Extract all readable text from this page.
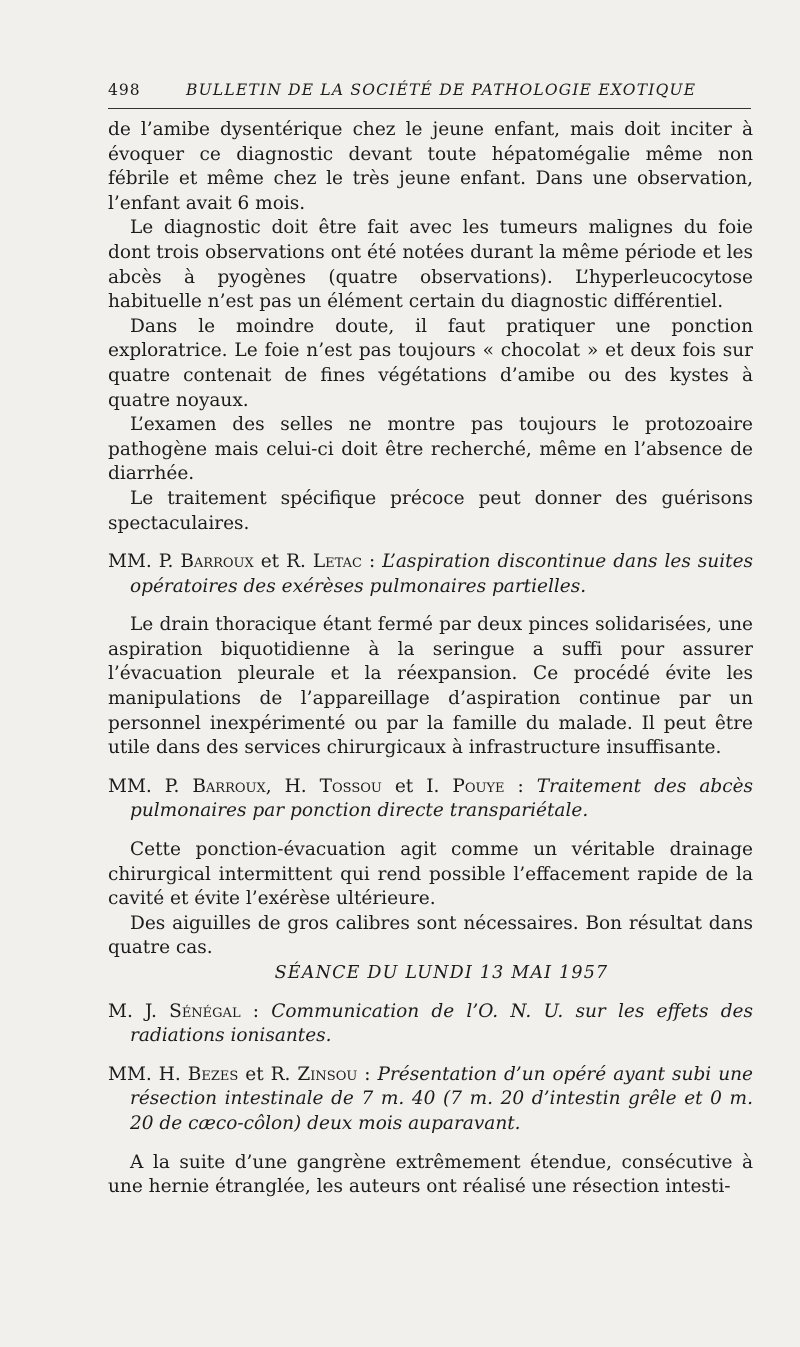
498	BULLETIN DE LA SOCIÉTÉ DE PATHOLOGIE EXOTIQUE

de l’amibe dysentérique chez le jeune enfant, mais doit inciter à évoquer ce diagnostic devant toute hépatomégalie même non fébrile et même chez le très jeune enfant. Dans une observation, l’enfant avait 6 mois.

Le diagnostic doit être fait avec les tumeurs malignes du foie dont trois observations ont été notées durant la même période et les abcès à pyogènes (quatre observations). L’hyperleucocytose habituelle n’est pas un élément certain du diagnostic différentiel.

Dans le moindre doute, il faut pratiquer une ponction exploratrice. Le foie n’est pas toujours « chocolat » et deux fois sur quatre contenait de fines végétations d’amibe ou des kystes à quatre noyaux.

L’examen des selles ne montre pas toujours le protozoaire pathogène mais celui-ci doit être recherché, même en l’absence de diarrhée.

Le traitement spécifique précoce peut donner des guérisons spectaculaires.

MM. P. Barroux et R. Letac : L’aspiration discontinue dans les suites opératoires des exérèses pulmonaires partielles.

Le drain thoracique étant fermé par deux pinces solidarisées, une aspiration biquotidienne à la seringue a suffi pour assurer l’évacuation pleurale et la réexpansion. Ce procédé évite les manipulations de l’appareillage d’aspiration continue par un personnel inexpérimenté ou par la famille du malade. Il peut être utile dans des services chirurgicaux à infrastructure insuffisante.

MM. P. Barroux, H. Tossou et I. Pouye : Traitement des abcès pulmonaires par ponction directe transpariétale.

Cette ponction-évacuation agit comme un véritable drainage chirurgical intermittent qui rend possible l’effacement rapide de la cavité et évite l’exérèse ultérieure.

Des aiguilles de gros calibres sont nécessaires. Bon résultat dans quatre cas.

SÉANCE DU LUNDI 13 MAI 1957

M. J. Sénégal : Communication de l’O. N. U. sur les effets des radiations ionisantes.

MM. H. Bezes et R. Zinsou : Présentation d’un opéré ayant subi une résection intestinale de 7 m. 40 (7 m. 20 d’intestin grêle et 0 m. 20 de cæco-côlon) deux mois auparavant.

A la suite d’une gangrène extrêmement étendue, consécutive à une hernie étranglée, les auteurs ont réalisé une résection intesti-
